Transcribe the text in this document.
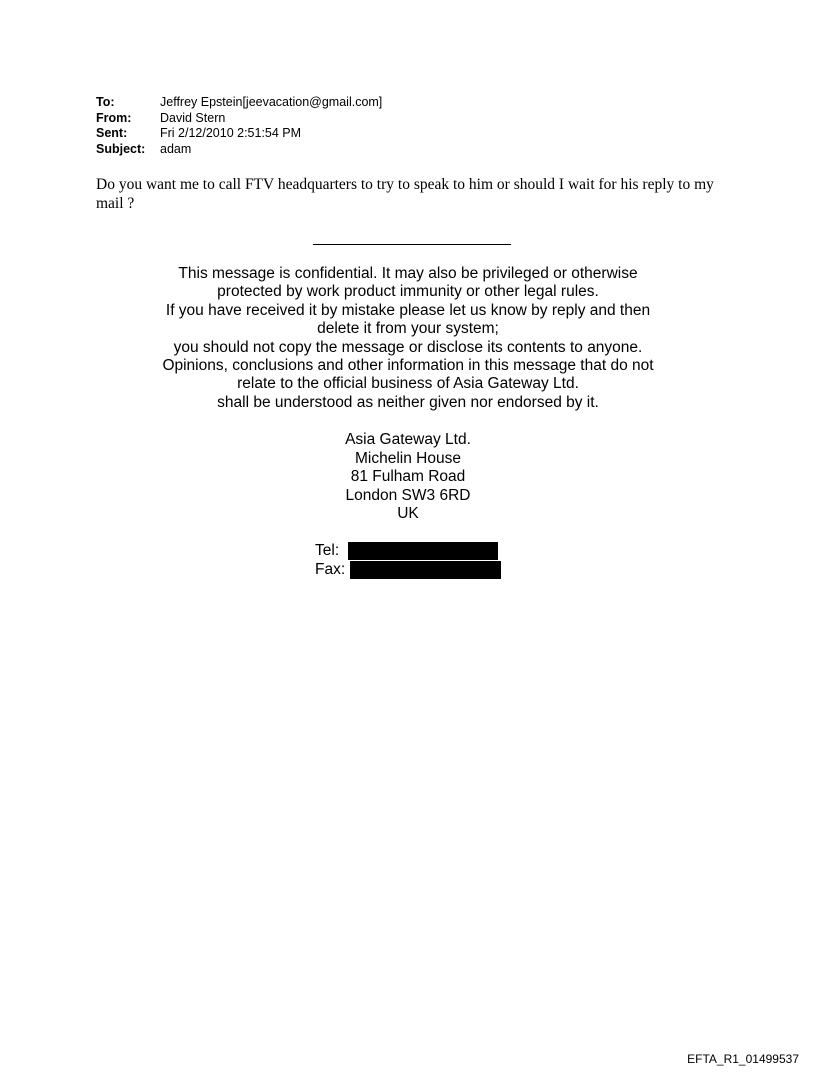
To:	Jeffrey Epstein[jeevacation@gmail.com]
From:	David Stern
Sent:	Fri 2/12/2010 2:51:54 PM
Subject:	adam
Do you want me to call FTV headquarters to try to speak to him or should I wait for his reply to my mail ?
This message is confidential. It may also be privileged or otherwise
protected by work product immunity or other legal rules.
If you have received it by mistake please let us know by reply and then
delete it from your system;
you should not copy the message or disclose its contents to anyone.
Opinions, conclusions and other information in this message that do not
relate to the official business of Asia Gateway Ltd.
shall be understood as neither given nor endorsed by it.
Asia Gateway Ltd.
Michelin House
81 Fulham Road
London SW3 6RD
UK
Tel:
Fax:
EFTA_R1_01499537
